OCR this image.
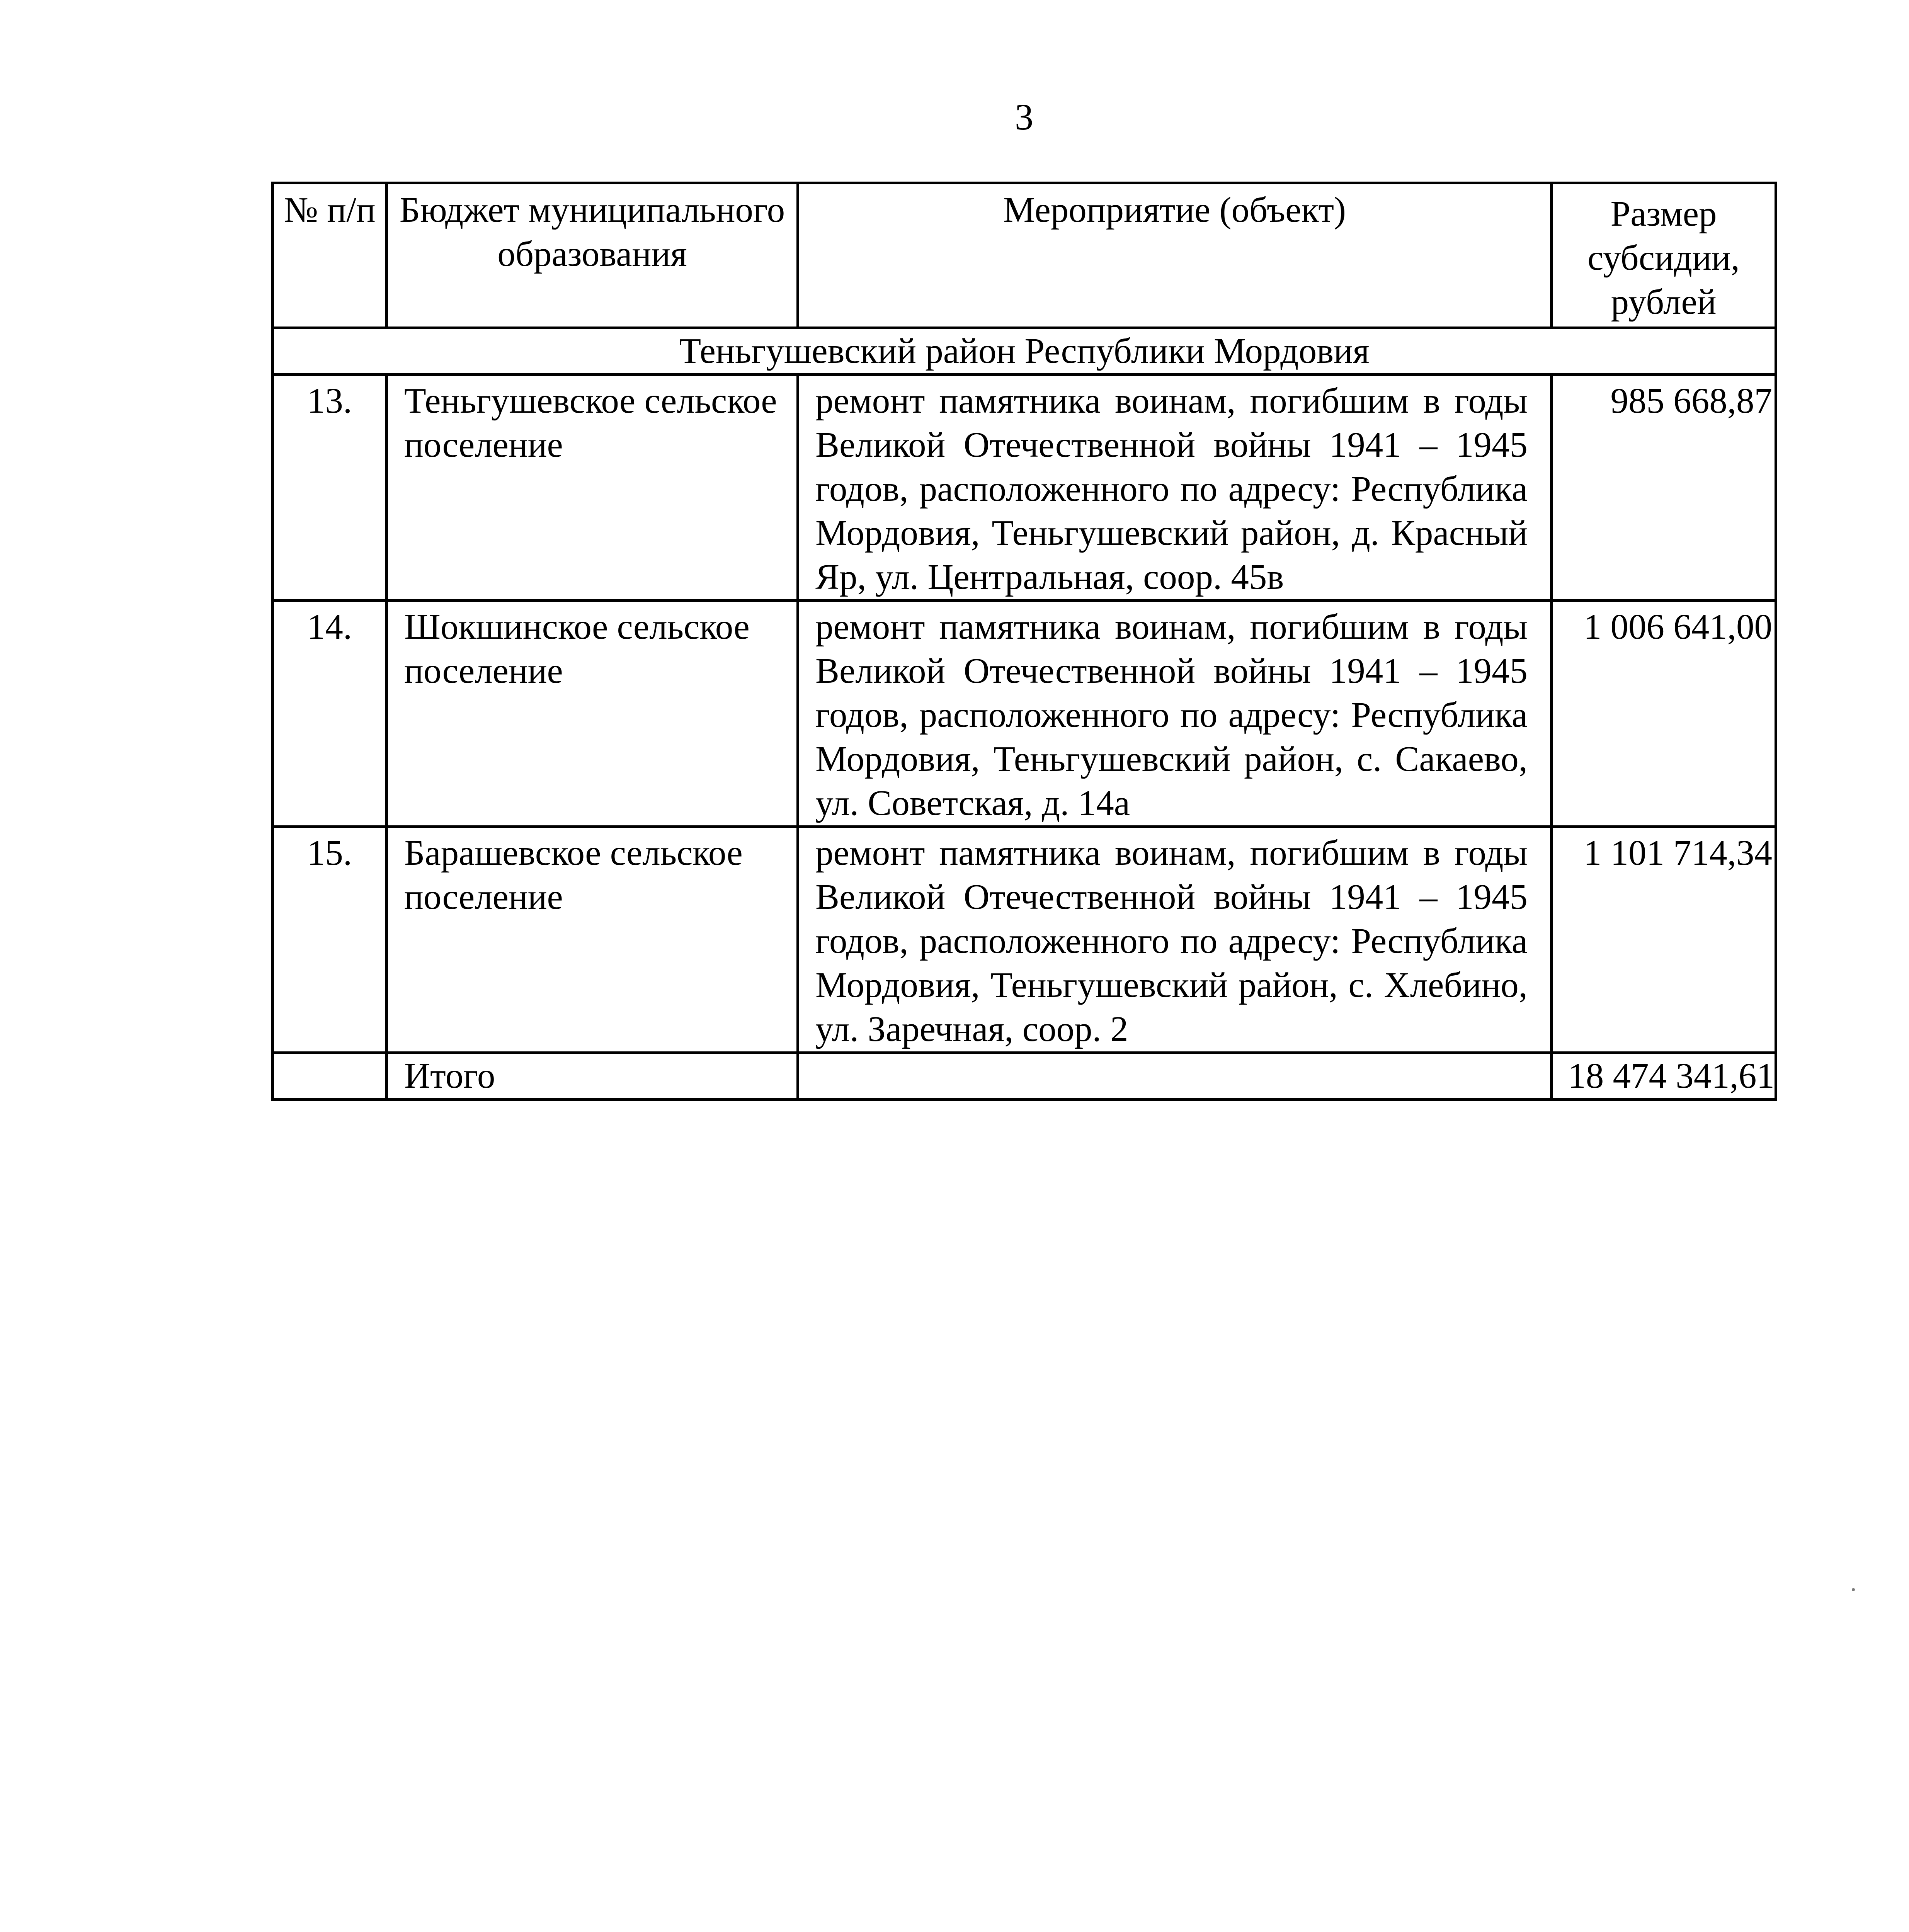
3
№ п/п	Бюджет муниципального образования	Мероприятие (объект)	Размер субсидии, рублей
Теньгушевский район Республики Мордовия			
13.	Теньгушевское сельское поселение	ремонт памятника воинам, погибшим в годы Великой Отечественной войны 1941 – 1945 годов, расположенного по адресу: Республика Мордовия, Теньгушевский район, д. Красный Яр, ул. Центральная, соор. 45в	985 668,87
14.	Шокшинское сельское поселение	ремонт памятника воинам, погибшим в годы Великой Отечественной войны 1941 – 1945 годов, расположенного по адресу: Республика Мордовия, Теньгушевский район, с. Сакаево, ул. Советская, д. 14а	1 006 641,00
15.	Барашевское сельское поселение	ремонт памятника воинам, погибшим в годы Великой Отечественной войны 1941 – 1945 годов, расположенного по адресу: Республика Мордовия, Теньгушевский район, с. Хлебино, ул. Заречная, соор. 2	1 101 714,34
	Итого		18 474 341,61
